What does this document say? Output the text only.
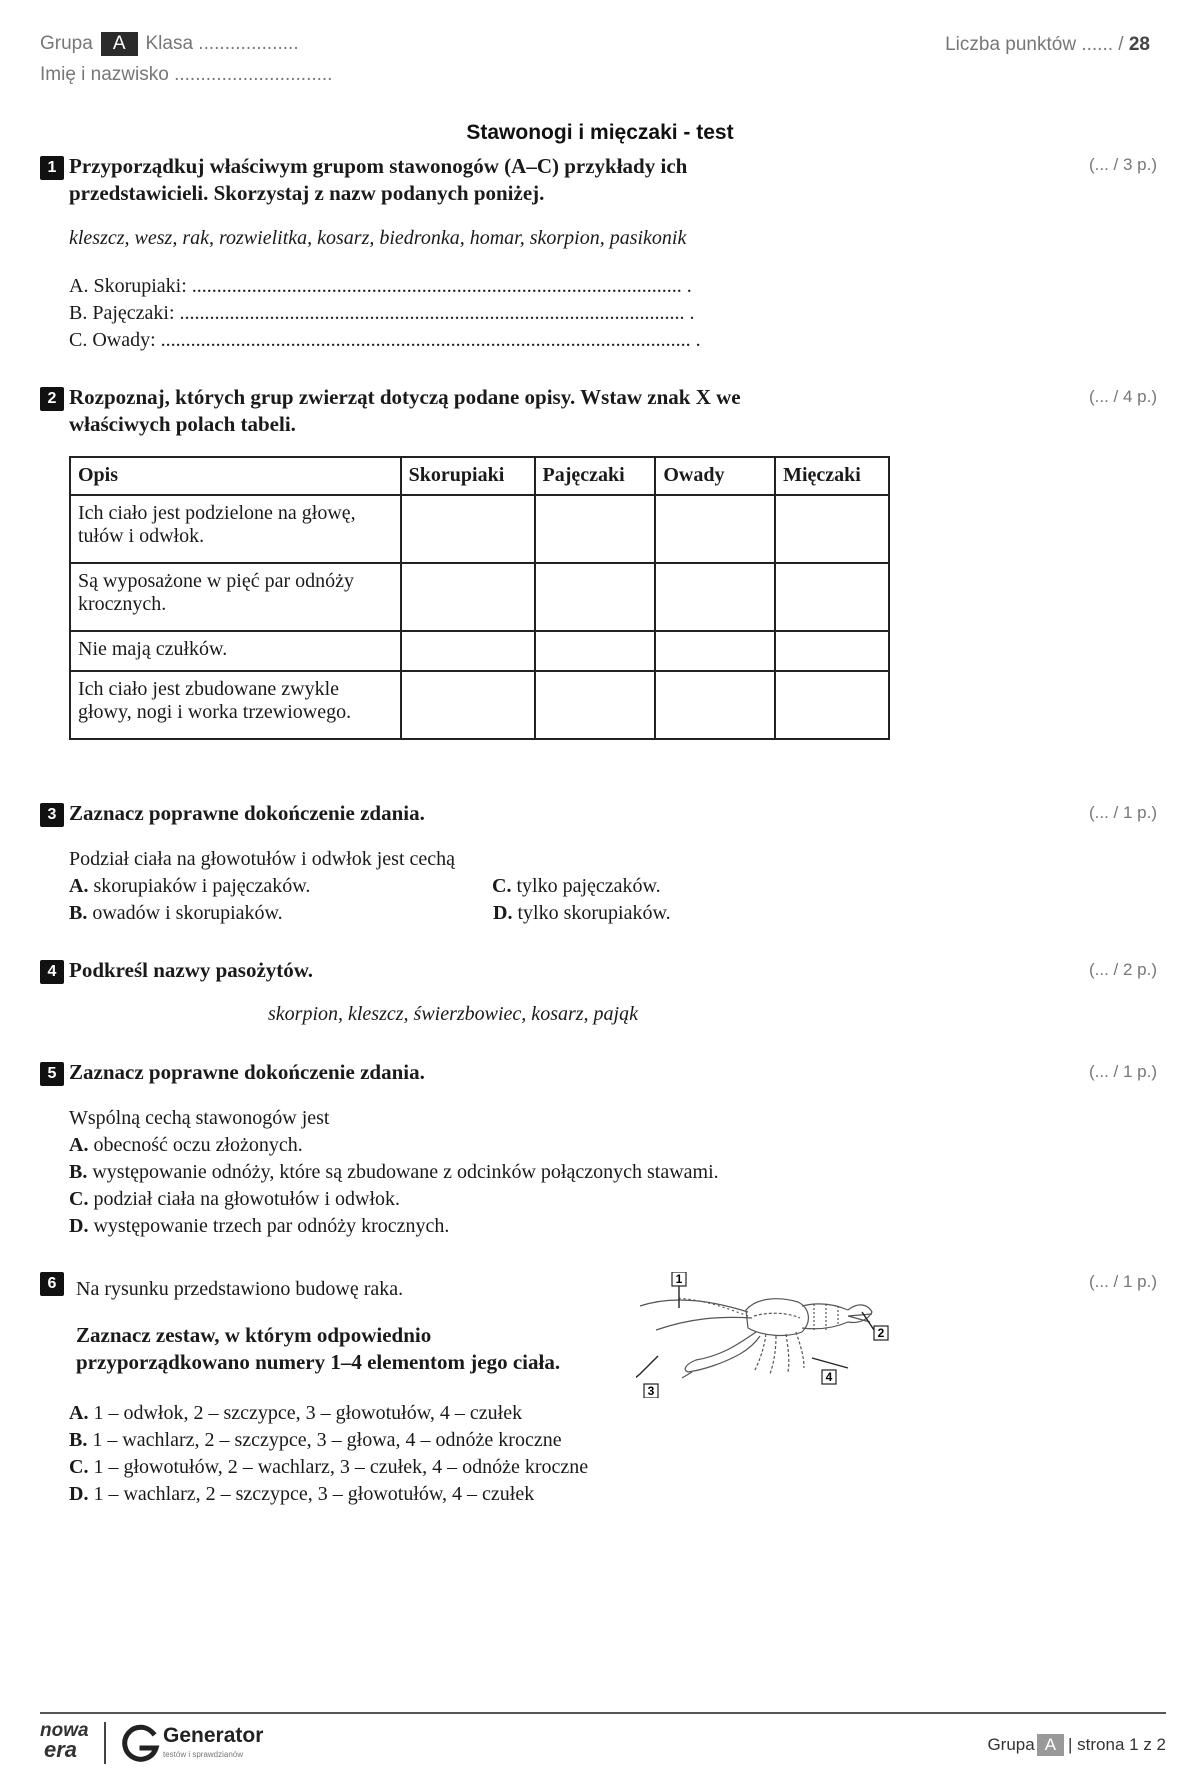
Grupa A Klasa ...................
Imię i nazwisko ..............................
Liczba punktów ...... / 28
Stawonogi i mięczaki - test
1 Przyporządkuj właściwym grupom stawonogów (A–C) przykłady ich
przedstawicieli. Skorzystaj z nazw podanych poniżej.
(... / 3 p.)
kleszcz, wesz, rak, rozwielitka, kosarz, biedronka, homar, skorpion, pasikonik
A. Skorupiaki: .................................................................................................. .
B. Pajęczaki: ..................................................................................................... .
C. Owady: .......................................................................................................... .
2 Rozpoznaj, których grup zwierząt dotyczą podane opisy. Wstaw znak X we
właściwych polach tabeli.
(... / 4 p.)
Opis	Skorupiaki	Pajęczaki	Owady	Mięczaki

Ich ciało jest podzielone na głowę,
tułów i odwłok.				

Są wyposażone w pięć par odnóży
krocznych.				

Nie mają czułków.				

Ich ciało jest zbudowane zwykle
głowy, nogi i worka trzewiowego.				

3 Zaznacz poprawne dokończenie zdania.	(... / 1 p.)
Podział ciała na głowotułów i odwłok jest cechą
A. skorupiaków i pajęczaków.
B. owadów i skorupiaków.
C. tylko pajęczaków.
D. tylko skorupiaków.
4 Podkreśl nazwy pasożytów.	(... / 2 p.)
skorpion, kleszcz, świerzbowiec, kosarz, pająk
5 Zaznacz poprawne dokończenie zdania.	(... / 1 p.)
Wspólną cechą stawonogów jest
A. obecność oczu złożonych.
B. występowanie odnóży, które są zbudowane z odcinków połączonych stawami.
C. podział ciała na głowotułów i odwłok.
D. występowanie trzech par odnóży krocznych.
6 Na rysunku przedstawiono budowę raka.	(... / 1 p.)
Zaznacz zestaw, w którym odpowiednio
przyporządkowano numery 1–4 elementom jego ciała.
1
2
3
4
A. 1 – odwłok, 2 – szczypce, 3 – głowotułów, 4 – czułek
B. 1 – wachlarz, 2 – szczypce, 3 – głowa, 4 – odnóże kroczne
C. 1 – głowotułów, 2 – wachlarz, 3 – czułek, 4 – odnóże kroczne
D. 1 – wachlarz, 2 – szczypce, 3 – głowotułów, 4 – czułek
nowa
era
Generator
testów i sprawdzianów
Grupa A | strona 1 z 2
